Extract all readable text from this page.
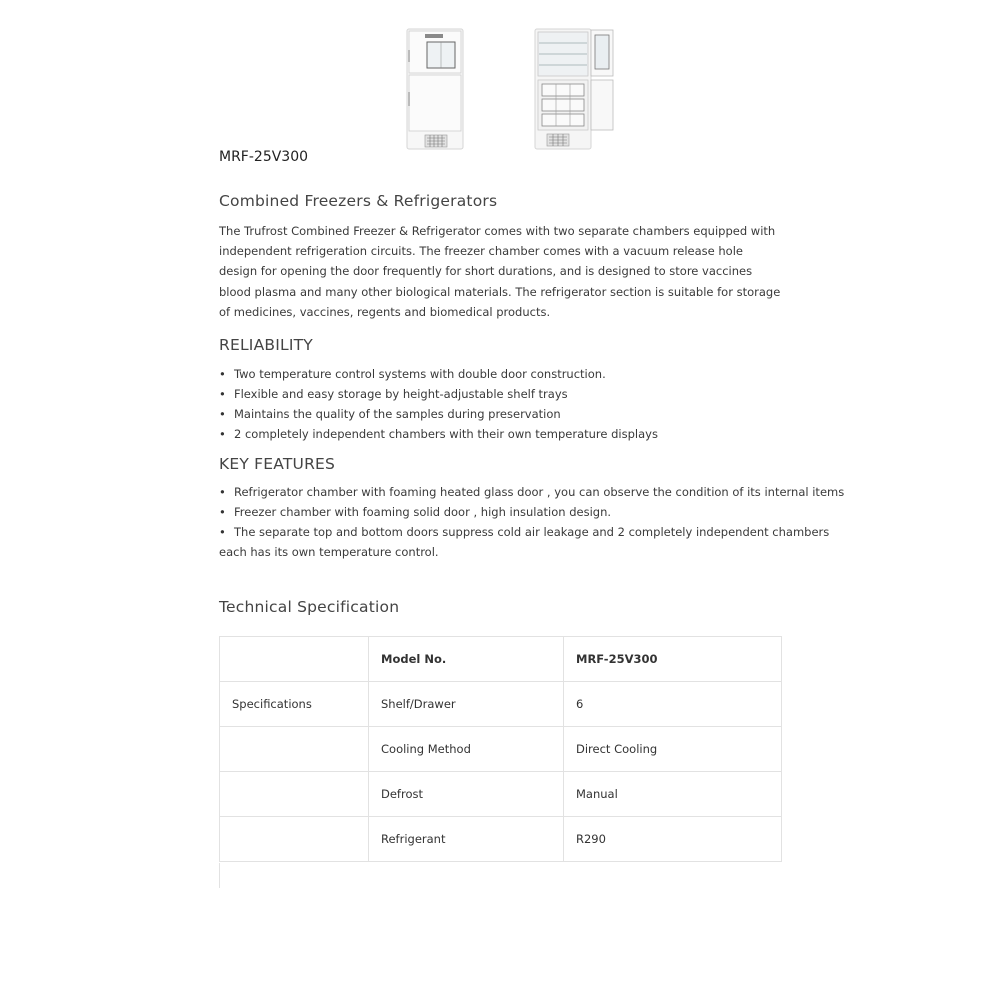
MRF-25V300
Combined Freezers & Refrigerators

The Trufrost Combined Freezer & Refrigerator comes with two separate chambers equipped with independent refrigeration circuits. The freezer chamber comes with a vacuum release hole design for opening the door frequently for short durations, and is designed to store vaccines blood plasma and many other biological materials. The refrigerator section is suitable for storage of medicines, vaccines, regents and biomedical products.

RELIABILITY
• Two temperature control systems with double door construction.
• Flexible and easy storage by height-adjustable shelf trays
• Maintains the quality of the samples during preservation
• 2 completely independent chambers with their own temperature displays
KEY FEATURES
• Refrigerator chamber with foaming heated glass door , you can observe the condition of its internal items
• Freezer chamber with foaming solid door , high insulation design.
• The separate top and bottom doors suppress cold air leakage and 2 completely independent chambers

each has its own temperature control.

Technical Specification
	Model No.	MRF-25V300
Specifications	Shelf/Drawer	6
	Cooling Method	Direct Cooling
	Defrost	Manual
	Refrigerant	R290
